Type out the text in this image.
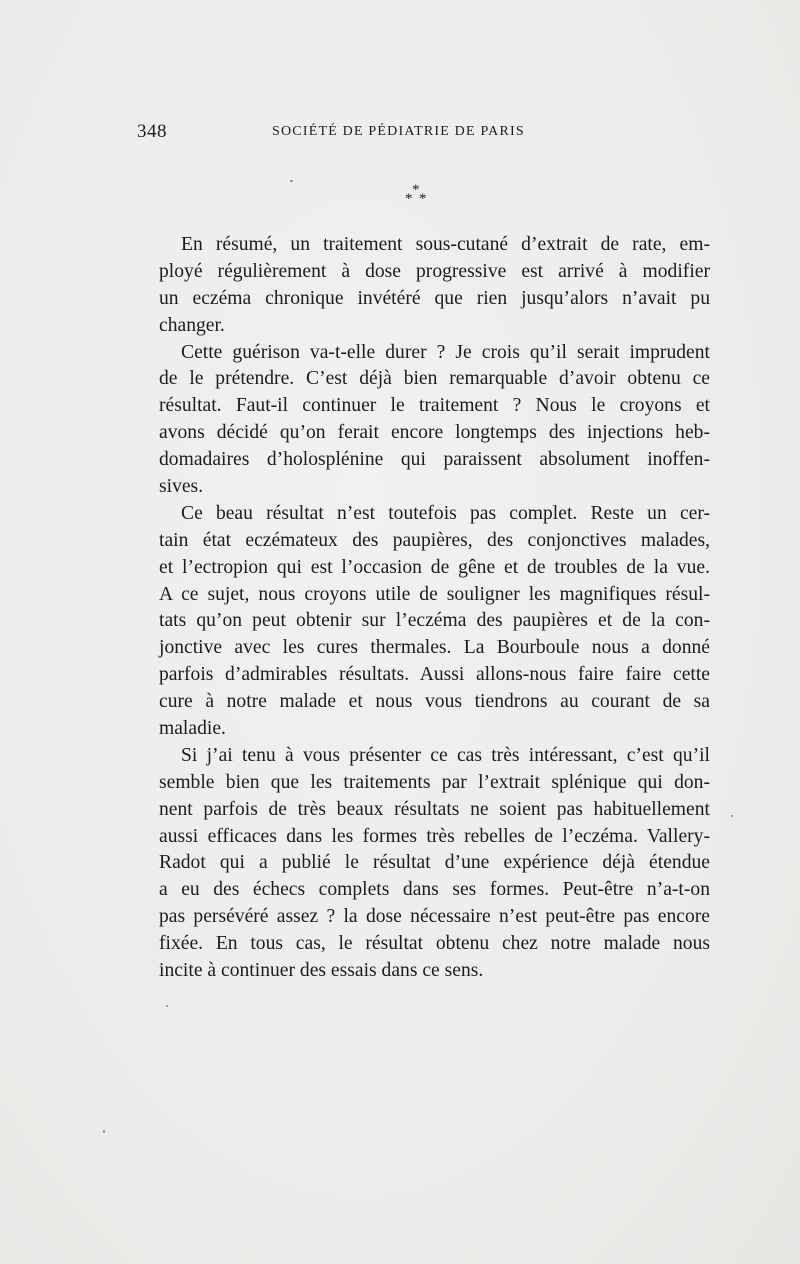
348	SOCIÉTÉ DE PÉDIATRIE DE PARIS
*
* *
En résumé, un traitement sous-cutané d’extrait de rate, em-
ployé régulièrement à dose progressive est arrivé à modifier
un eczéma chronique invétéré que rien jusqu’alors n’avait pu
changer.
Cette guérison va-t-elle durer ? Je crois qu’il serait imprudent
de le prétendre. C’est déjà bien remarquable d’avoir obtenu ce
résultat. Faut-il continuer le traitement ? Nous le croyons et
avons décidé qu’on ferait encore longtemps des injections heb-
domadaires d’holosplénine qui paraissent absolument inoffen-
sives.
Ce beau résultat n’est toutefois pas complet. Reste un cer-
tain état eczémateux des paupières, des conjonctives malades,
et l’ectropion qui est l’occasion de gêne et de troubles de la vue.
A ce sujet, nous croyons utile de souligner les magnifiques résul-
tats qu’on peut obtenir sur l’eczéma des paupières et de la con-
jonctive avec les cures thermales. La Bourboule nous a donné
parfois d’admirables résultats. Aussi allons-nous faire faire cette
cure à notre malade et nous vous tiendrons au courant de sa
maladie.
Si j’ai tenu à vous présenter ce cas très intéressant, c’est qu’il
semble bien que les traitements par l’extrait splénique qui don-
nent parfois de très beaux résultats ne soient pas habituellement
aussi efficaces dans les formes très rebelles de l’eczéma. Vallery-
Radot qui a publié le résultat d’une expérience déjà étendue
a eu des échecs complets dans ses formes. Peut-être n’a-t-on
pas persévéré assez ? la dose nécessaire n’est peut-être pas encore
fixée. En tous cas, le résultat obtenu chez notre malade nous
incite à continuer des essais dans ce sens.
